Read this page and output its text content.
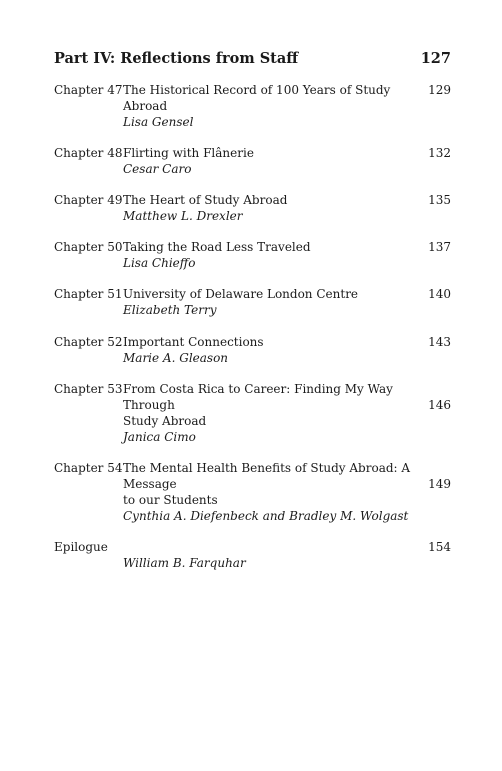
Part IV: Reflections from Staff	127
Chapter 47 The Historical Record of 100 Years of Study Abroad
Lisa Gensel
129
Chapter 48 Flirting with Flânerie
Cesar Caro
132
Chapter 49 The Heart of Study Abroad
Matthew L. Drexler
135
Chapter 50 Taking the Road Less Traveled
Lisa Chieffo
137
Chapter 51 University of Delaware London Centre
Elizabeth Terry
140
Chapter 52 Important Connections
Marie A. Gleason
143
Chapter 53 From Costa Rica to Career: Finding My Way Through
Study Abroad
Janica Cimo
146
Chapter 54 The Mental Health Benefits of Study Abroad: A Message
to our Students
Cynthia A. Diefenbeck and Bradley M. Wolgast
149
Epilogue

William B. Farquhar
154
